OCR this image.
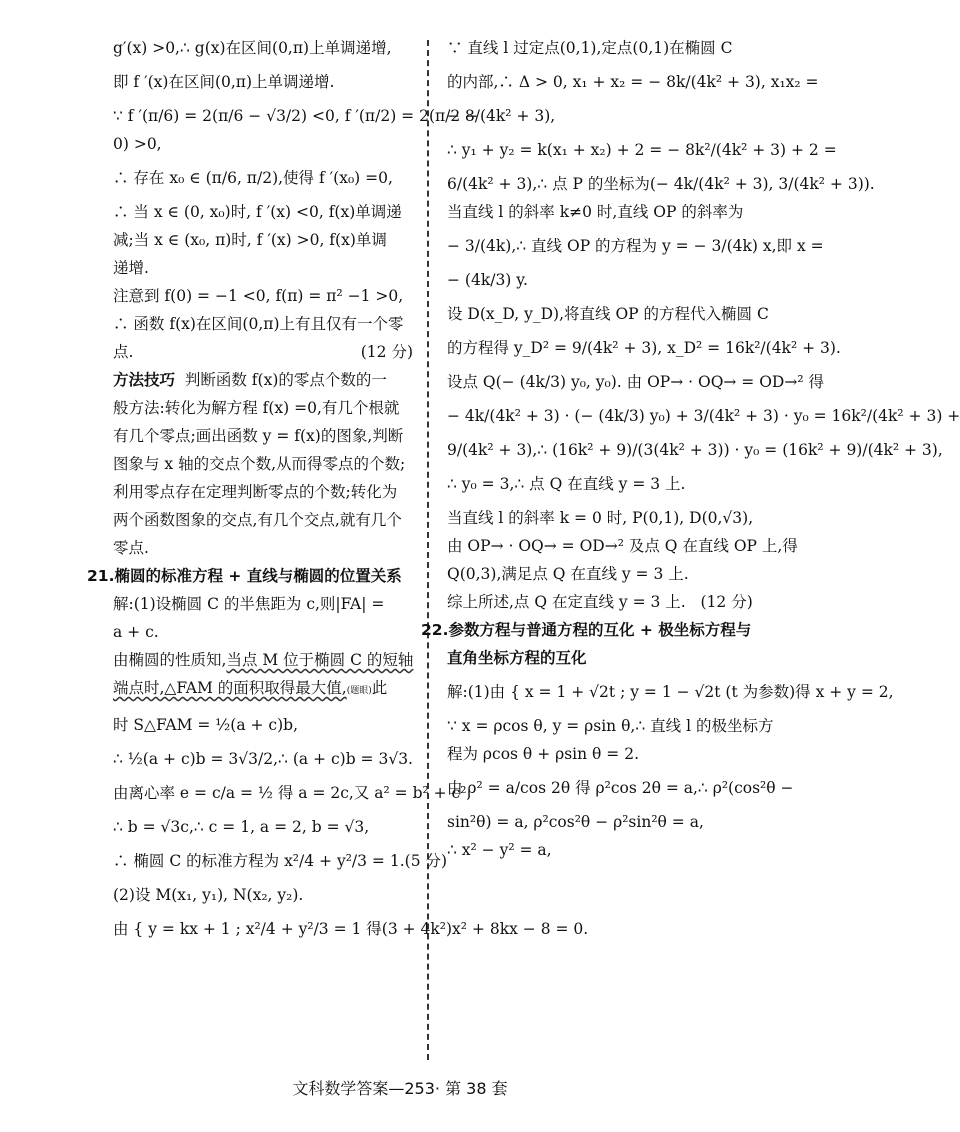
g′(x) >0,∴ g(x)在区间(0,π)上单调递增,
即 f ′(x)在区间(0,π)上单调递增.
∵ f ′(π/6) = 2(π/6 − √3/2) <0, f ′(π/2) = 2(π/2 −
0) >0,
∴ 存在 x₀ ∈ (π/6, π/2),使得 f ′(x₀) =0,
∴ 当 x ∈ (0, x₀)时, f ′(x) <0, f(x)单调递
减;当 x ∈ (x₀, π)时, f ′(x) >0, f(x)单调
递增.
注意到 f(0) = −1 <0, f(π) = π² −1 >0,
∴ 函数 f(x)在区间(0,π)上有且仅有一个零
点.	(12 分)
方法技巧 判断函数 f(x)的零点个数的一
般方法:转化为解方程 f(x) =0,有几个根就
有几个零点;画出函数 y = f(x)的图象,判断
图象与 x 轴的交点个数,从而得零点的个数;
利用零点存在定理判断零点的个数;转化为
两个函数图象的交点,有几个交点,就有几个
零点.
21.椭圆的标准方程 + 直线与椭圆的位置关系
解:(1)设椭圆 C 的半焦距为 c,则|FA| =
a + c.
由椭圆的性质知,当点 M 位于椭圆 C 的短轴
端点时,△FAM 的面积取得最大值,(题眼)此
时 S△FAM = ½(a + c)b,
∴ ½(a + c)b = 3√3/2,∴ (a + c)b = 3√3.
由离心率 e = c/a = ½ 得 a = 2c,又 a² = b² + c²,
∴ b = √3c,∴ c = 1, a = 2, b = √3,
∴ 椭圆 C 的标准方程为 x²/4 + y²/3 = 1. (5 分)
(2)设 M(x₁, y₁), N(x₂, y₂).
由 { y = kx + 1 ; x²/4 + y²/3 = 1 得(3 + 4k²)x² + 8kx − 8 = 0.
∵ 直线 l 过定点(0,1),定点(0,1)在椭圆 C
的内部,∴ Δ > 0, x₁ + x₂ = − 8k/(4k² + 3), x₁x₂ =
− 8/(4k² + 3),
∴ y₁ + y₂ = k(x₁ + x₂) + 2 = − 8k²/(4k² + 3) + 2 =
6/(4k² + 3),∴ 点 P 的坐标为(− 4k/(4k² + 3), 3/(4k² + 3)).
当直线 l 的斜率 k≠0 时,直线 OP 的斜率为
− 3/(4k),∴ 直线 OP 的方程为 y = − 3/(4k) x,即 x =
− (4k/3) y.
设 D(x_D, y_D),将直线 OP 的方程代入椭圆 C
的方程得 y_D² = 9/(4k² + 3), x_D² = 16k²/(4k² + 3).
设点 Q(− (4k/3) y₀, y₀). 由 OP→ · OQ→ = OD→² 得
− 4k/(4k² + 3) · (− (4k/3) y₀) + 3/(4k² + 3) · y₀ = 16k²/(4k² + 3) +
9/(4k² + 3),∴ (16k² + 9)/(3(4k² + 3)) · y₀ = (16k² + 9)/(4k² + 3),
∴ y₀ = 3,∴ 点 Q 在直线 y = 3 上.
当直线 l 的斜率 k = 0 时, P(0,1), D(0,√3),
由 OP→ · OQ→ = OD→² 及点 Q 在直线 OP 上,得
Q(0,3),满足点 Q 在直线 y = 3 上.
综上所述,点 Q 在定直线 y = 3 上. (12 分)
22.参数方程与普通方程的互化 + 极坐标方程与
直角坐标方程的互化
解:(1)由 { x = 1 + √2t ; y = 1 − √2t (t 为参数)得 x + y = 2,
∵ x = ρcos θ, y = ρsin θ,∴ 直线 l 的极坐标方
程为 ρcos θ + ρsin θ = 2.
由 ρ² = a/cos 2θ 得 ρ²cos 2θ = a,∴ ρ²(cos²θ −
sin²θ) = a, ρ²cos²θ − ρ²sin²θ = a,
∴ x² − y² = a,
文科数学答案—253· 第 38 套
